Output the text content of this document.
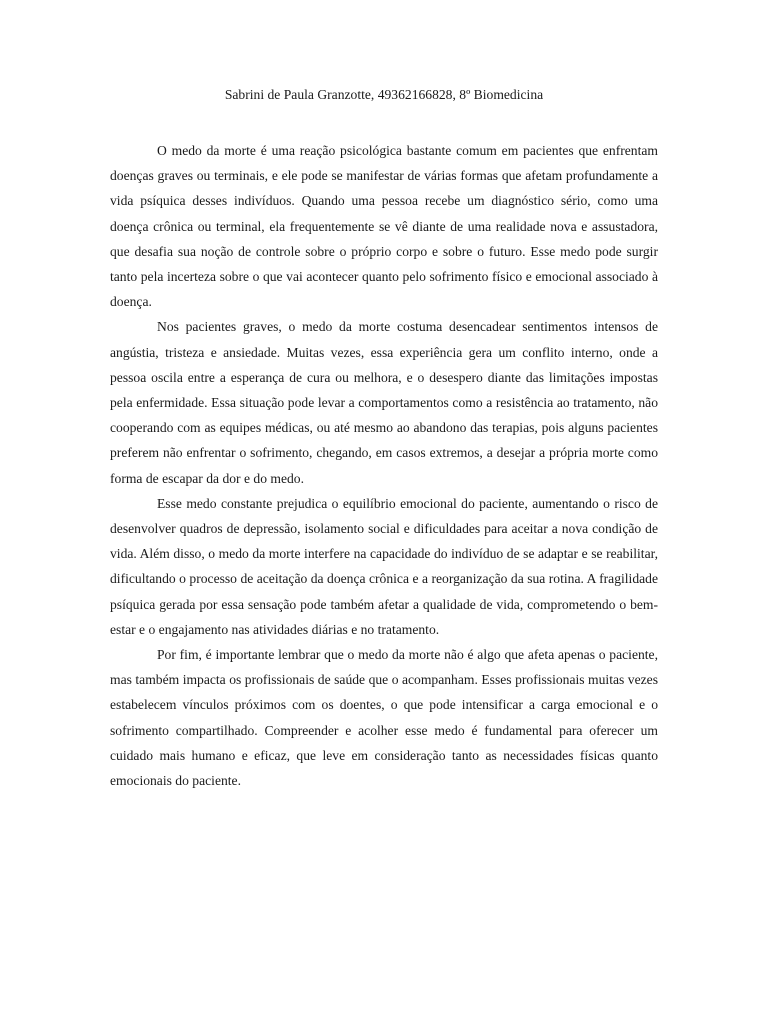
Sabrini de Paula Granzotte, 49362166828, 8º Biomedicina

O medo da morte é uma reação psicológica bastante comum em pacientes que enfrentam doenças graves ou terminais, e ele pode se manifestar de várias formas que afetam profundamente a vida psíquica desses indivíduos. Quando uma pessoa recebe um diagnóstico sério, como uma doença crônica ou terminal, ela frequentemente se vê diante de uma realidade nova e assustadora, que desafia sua noção de controle sobre o próprio corpo e sobre o futuro. Esse medo pode surgir tanto pela incerteza sobre o que vai acontecer quanto pelo sofrimento físico e emocional associado à doença.

Nos pacientes graves, o medo da morte costuma desencadear sentimentos intensos de angústia, tristeza e ansiedade. Muitas vezes, essa experiência gera um conflito interno, onde a pessoa oscila entre a esperança de cura ou melhora, e o desespero diante das limitações impostas pela enfermidade. Essa situação pode levar a comportamentos como a resistência ao tratamento, não cooperando com as equipes médicas, ou até mesmo ao abandono das terapias, pois alguns pacientes preferem não enfrentar o sofrimento, chegando, em casos extremos, a desejar a própria morte como forma de escapar da dor e do medo.

Esse medo constante prejudica o equilíbrio emocional do paciente, aumentando o risco de desenvolver quadros de depressão, isolamento social e dificuldades para aceitar a nova condição de vida. Além disso, o medo da morte interfere na capacidade do indivíduo de se adaptar e se reabilitar, dificultando o processo de aceitação da doença crônica e a reorganização da sua rotina. A fragilidade psíquica gerada por essa sensação pode também afetar a qualidade de vida, comprometendo o bem-estar e o engajamento nas atividades diárias e no tratamento.

Por fim, é importante lembrar que o medo da morte não é algo que afeta apenas o paciente, mas também impacta os profissionais de saúde que o acompanham. Esses profissionais muitas vezes estabelecem vínculos próximos com os doentes, o que pode intensificar a carga emocional e o sofrimento compartilhado. Compreender e acolher esse medo é fundamental para oferecer um cuidado mais humano e eficaz, que leve em consideração tanto as necessidades físicas quanto emocionais do paciente.
